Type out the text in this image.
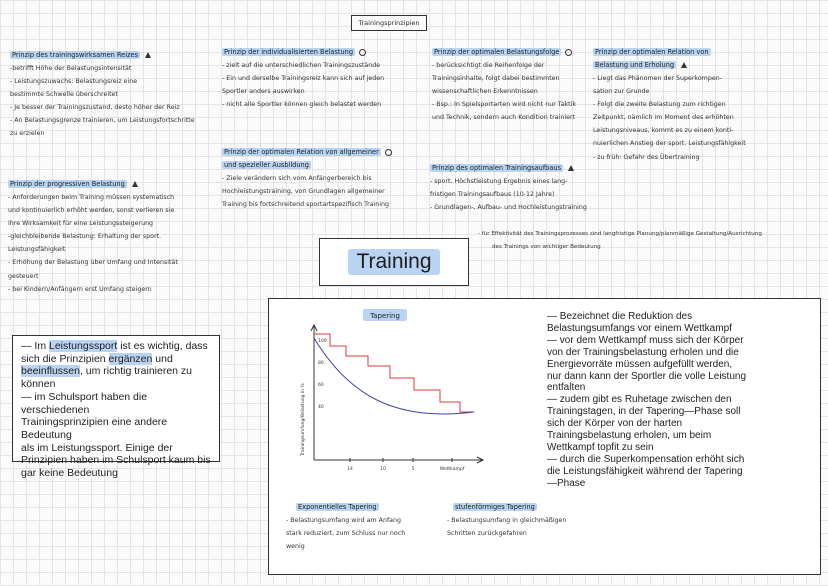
Trainingsprinzipien
Prinzip des trainingswirksamen Reizes
-betrifft Höhe der Belastungsintensität
- Leistungszuwachs: Belastungsreiz eine
bestimmte Schwelle überschreitet
- Je besser der Trainingszustand, desto höher der Reiz
- An Belastungsgrenze trainieren, um Leistungsfortschritte
zu erzielen
Prinzip der progressiven Belastung
- Anforderungen beim Training müssen systematisch
und kontinuierlich erhöht werden, sonst verlieren sie
ihre Wirksamkeit für eine Leistungssteigerung
-gleichbleibende Belastung: Erhaltung der sport.
Leistungsfähigkeit
- Erhöhung der Belastung über Umfang und Intensität
gesteuert
- bei Kindern/Anfängern erst Umfang steigern
Prinzip der individualisierten Belastung
- zielt auf die unterschiedlichen Trainingszustände
- Ein und derselbe Trainingsreiz kann sich auf jeden
Sportler anders auswirken
- nicht alle Sportler können gleich belastet werden
Prinzip der optimalen Relation von allgemeiner
und spezieller Ausbildung
- Ziele verändern sich vom Anfängerbereich bis
Hochleistungstraining, von Grundlagen allgemeiner
Training bis fortschreitend sportartspezifisch Training
Prinzip der optimalen Belastungsfolge
- berücksichtigt die Reihenfolge der
Trainingsinhalte, folgt dabei bestimmten
wissenschaftlichen Erkenntnissen
- Bsp.: In Spielsportarten wird nicht nur Taktik
und Technik, sondern auch Kondition trainiert
Prinzip des optimalen Trainingsaufbaus
- sport. Höchstleistung Ergebnis eines lang-
fristigen Trainingsaufbaus (10-12 Jahre)
- Grundlagen-, Aufbau- und Hochleistungstraining
- für Effektivität des Trainingsprozesses sind langfristige Planung/planmäßige Gestaltung/Ausrichtung
des Trainings von wichtiger Bedeutung
Prinzip der optimalen Relation von
Belastung und Erholung
- Liegt das Phänomen der Superkompen-
sation zur Grunde
- Folgt die zweite Belastung zum richtigen
Zeitpunkt, nämlich im Moment des erhöhten
Leistungsniveaus, kommt es zu einem konti-
nuierlichen Anstieg der sport. Leistungsfähigkeit
- zu früh: Gefahr des Übertraining
Training
— Im Leistungssport ist es wichtig, dass
sich die Prinzipien ergänzen und
beeinflussen, um richtig trainieren zu
können
— im Schulsport haben die verschiedenen
Trainingsprinzipien eine andere Bedeutung
als im Leistungssport. Einige der
Prinzipien haben im Schulsport kaum bis
gar keine Bedeutung
Tapering
Trainingsumfang/Belastung in %
100
80
60
40
14	10	5	Wettkampf
— Bezeichnet die Reduktion des
Belastungsumfangs vor einem Wettkampf
— vor dem Wettkampf muss sich der Körper
von der Trainingsbelastung erholen und die
Energievorräte müssen aufgefüllt werden,
nur dann kann der Sportler die volle Leistung
entfalten
— zudem gibt es Ruhetage zwischen den
Trainingstagen, in der Tapering—Phase soll
sich der Körper von der harten
Trainingsbelastung erholen, um beim
Wettkampf topfit zu sein
— durch die Superkompensation erhöht sich
die Leistungsfähigkeit während der Tapering
—Phase
Exponentielles Tapering
- Belastungsumfang wird am Anfang
stark reduziert, zum Schluss nur noch
wenig
stufenförmiges Tapering
- Belastungsumfang in gleichmäßigen
Schritten zurückgefahren
